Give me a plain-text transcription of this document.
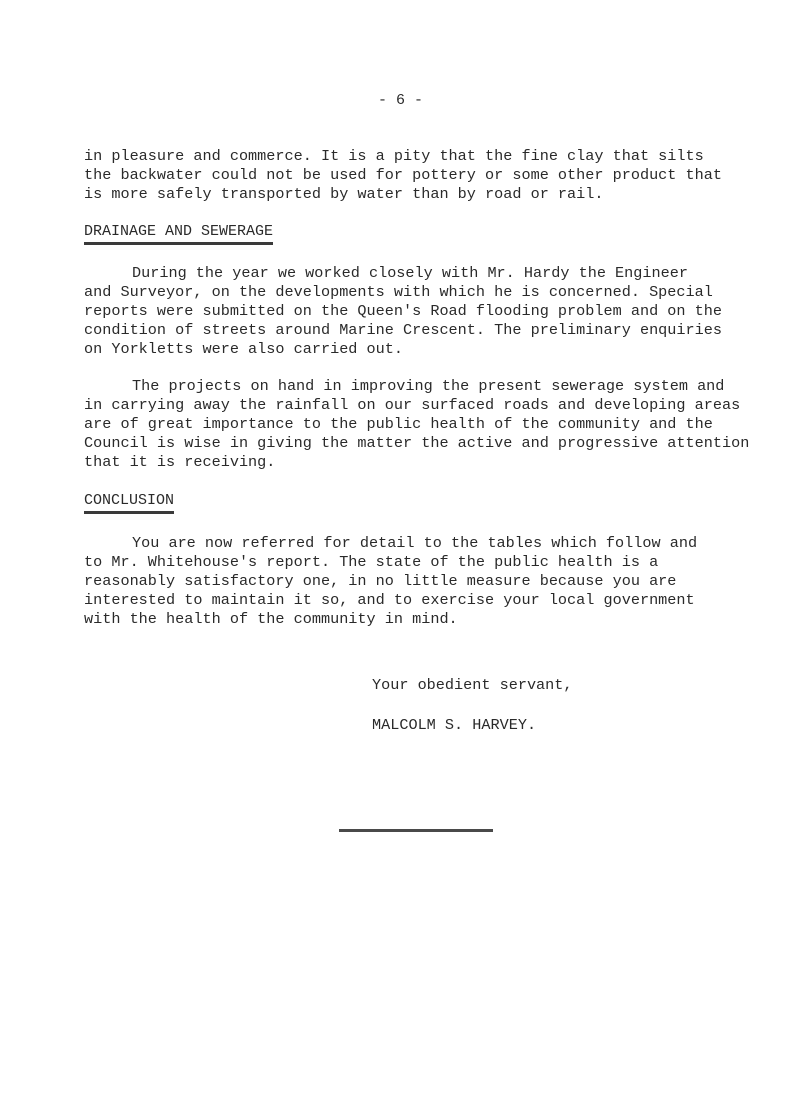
- 6 -
in pleasure and commerce. It is a pity that the fine clay that silts
the backwater could not be used for pottery or some other product that
is more safely transported by water than by road or rail.
DRAINAGE AND SEWERAGE
During the year we worked closely with Mr. Hardy the Engineer
and Surveyor, on the developments with which he is concerned. Special
reports were submitted on the Queen's Road flooding problem and on the
condition of streets around Marine Crescent. The preliminary enquiries
on Yorkletts were also carried out.
The projects on hand in improving the present sewerage system and
in carrying away the rainfall on our surfaced roads and developing areas
are of great importance to the public health of the community and the
Council is wise in giving the matter the active and progressive attention
that it is receiving.
CONCLUSION
You are now referred for detail to the tables which follow and
to Mr. Whitehouse's report. The state of the public health is a
reasonably satisfactory one, in no little measure because you are
interested to maintain it so, and to exercise your local government
with the health of the community in mind.
Your obedient servant,
MALCOLM S. HARVEY.
